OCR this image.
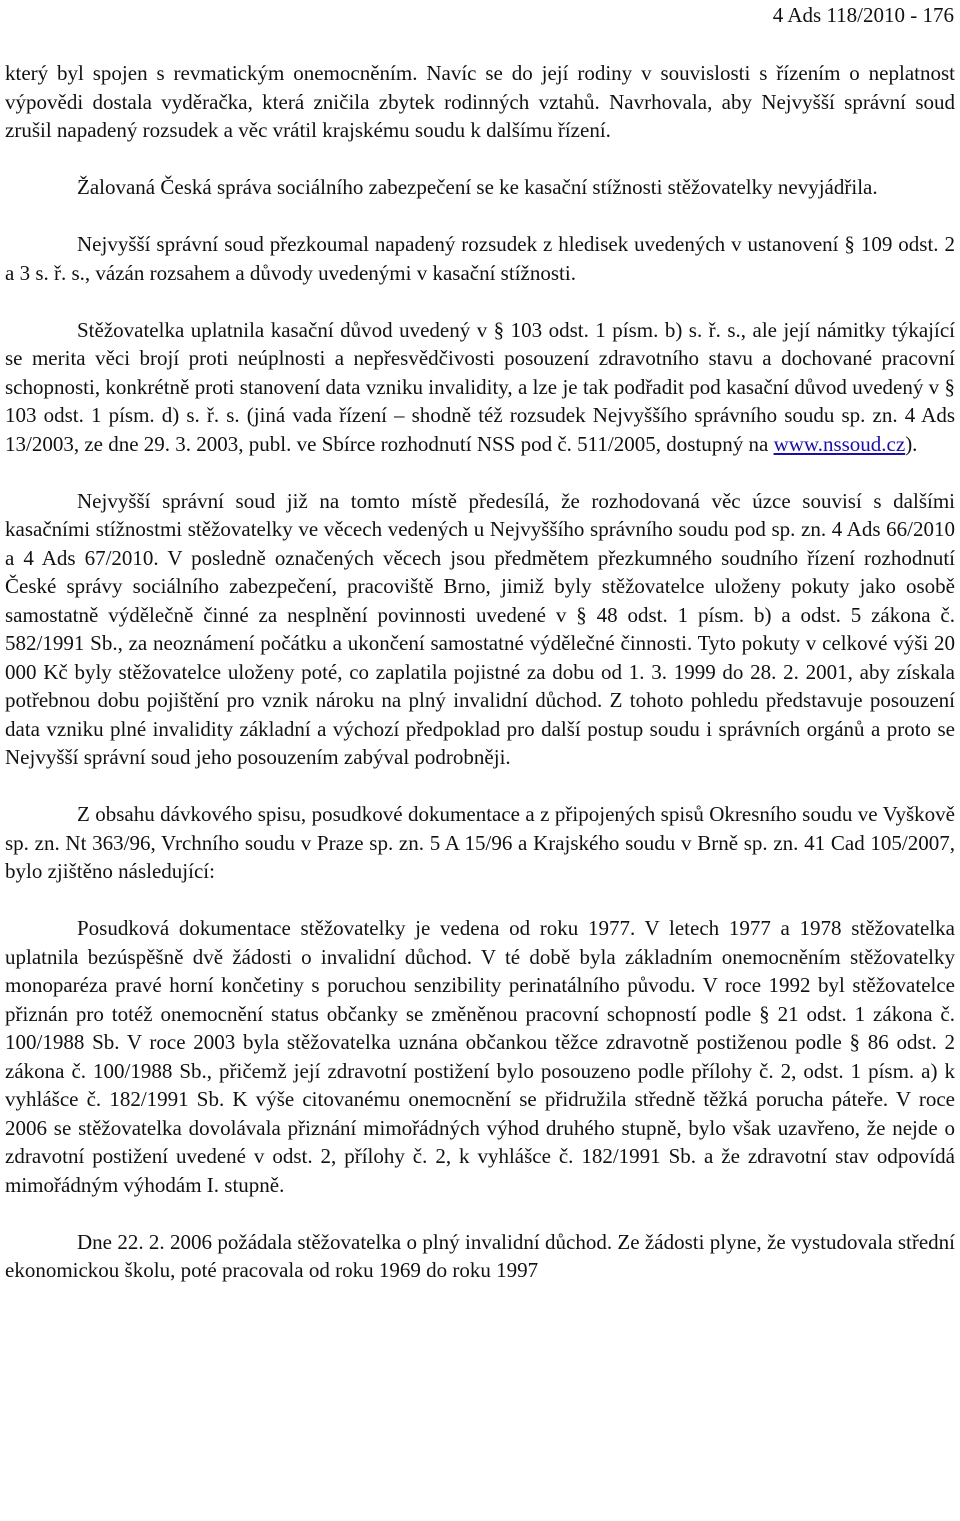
4 Ads 118/2010 - 176

který byl spojen s revmatickým onemocněním. Navíc se do její rodiny v souvislosti s řízením o neplatnost výpovědi dostala vyděračka, která zničila zbytek rodinných vztahů. Navrhovala, aby Nejvyšší správní soud zrušil napadený rozsudek a věc vrátil krajskému soudu k dalšímu řízení.

Žalovaná Česká správa sociálního zabezpečení se ke kasační stížnosti stěžovatelky nevyjádřila.

Nejvyšší správní soud přezkoumal napadený rozsudek z hledisek uvedených v ustanovení § 109 odst. 2 a 3 s. ř. s., vázán rozsahem a důvody uvedenými v kasační stížnosti.

Stěžovatelka uplatnila kasační důvod uvedený v § 103 odst. 1 písm. b) s. ř. s., ale její námitky týkající se merita věci brojí proti neúplnosti a nepřesvědčivosti posouzení zdravotního stavu a dochované pracovní schopnosti, konkrétně proti stanovení data vzniku invalidity, a lze je tak podřadit pod kasační důvod uvedený v § 103 odst. 1 písm. d) s. ř. s. (jiná vada řízení – shodně též rozsudek Nejvyššího správního soudu sp. zn. 4 Ads 13/2003, ze dne 29. 3. 2003, publ. ve Sbírce rozhodnutí NSS pod č. 511/2005, dostupný na www.nssoud.cz).

Nejvyšší správní soud již na tomto místě předesílá, že rozhodovaná věc úzce souvisí s dalšími kasačními stížnostmi stěžovatelky ve věcech vedených u Nejvyššího správního soudu pod sp. zn. 4 Ads 66/2010 a 4 Ads 67/2010. V posledně označených věcech jsou předmětem přezkumného soudního řízení rozhodnutí České správy sociálního zabezpečení, pracoviště Brno, jimiž byly stěžovatelce uloženy pokuty jako osobě samostatně výdělečně činné za nesplnění povinnosti uvedené v § 48 odst. 1 písm. b) a odst. 5 zákona č. 582/1991 Sb., za neoznámení počátku a ukončení samostatné výdělečné činnosti. Tyto pokuty v celkové výši 20 000 Kč byly stěžovatelce uloženy poté, co zaplatila pojistné za dobu od 1. 3. 1999 do 28. 2. 2001, aby získala potřebnou dobu pojištění pro vznik nároku na plný invalidní důchod. Z tohoto pohledu představuje posouzení data vzniku plné invalidity základní a výchozí předpoklad pro další postup soudu i správních orgánů a proto se Nejvyšší správní soud jeho posouzením zabýval podrobněji.

Z obsahu dávkového spisu, posudkové dokumentace a z připojených spisů Okresního soudu ve Vyškově sp. zn. Nt 363/96, Vrchního soudu v Praze sp. zn. 5 A 15/96 a Krajského soudu v Brně sp. zn. 41 Cad 105/2007, bylo zjištěno následující:

Posudková dokumentace stěžovatelky je vedena od roku 1977. V letech 1977 a 1978 stěžovatelka uplatnila bezúspěšně dvě žádosti o invalidní důchod. V té době byla základním onemocněním stěžovatelky monoparéza pravé horní končetiny s poruchou senzibility perinatálního původu. V roce 1992 byl stěžovatelce přiznán pro totéž onemocnění status občanky se změněnou pracovní schopností podle § 21 odst. 1 zákona č. 100/1988 Sb. V roce 2003 byla stěžovatelka uznána občankou těžce zdravotně postiženou podle § 86 odst. 2 zákona č. 100/1988 Sb., přičemž její zdravotní postižení bylo posouzeno podle přílohy č. 2, odst. 1 písm. a) k vyhlášce č. 182/1991 Sb. K výše citovanému onemocnění se přidružila středně těžká porucha páteře. V roce 2006 se stěžovatelka dovolávala přiznání mimořádných výhod druhého stupně, bylo však uzavřeno, že nejde o zdravotní postižení uvedené v odst. 2, přílohy č. 2, k vyhlášce č. 182/1991 Sb. a že zdravotní stav odpovídá mimořádným výhodám I. stupně.

Dne 22. 2. 2006 požádala stěžovatelka o plný invalidní důchod. Ze žádosti plyne, že vystudovala střední ekonomickou školu, poté pracovala od roku 1969 do roku 1997
